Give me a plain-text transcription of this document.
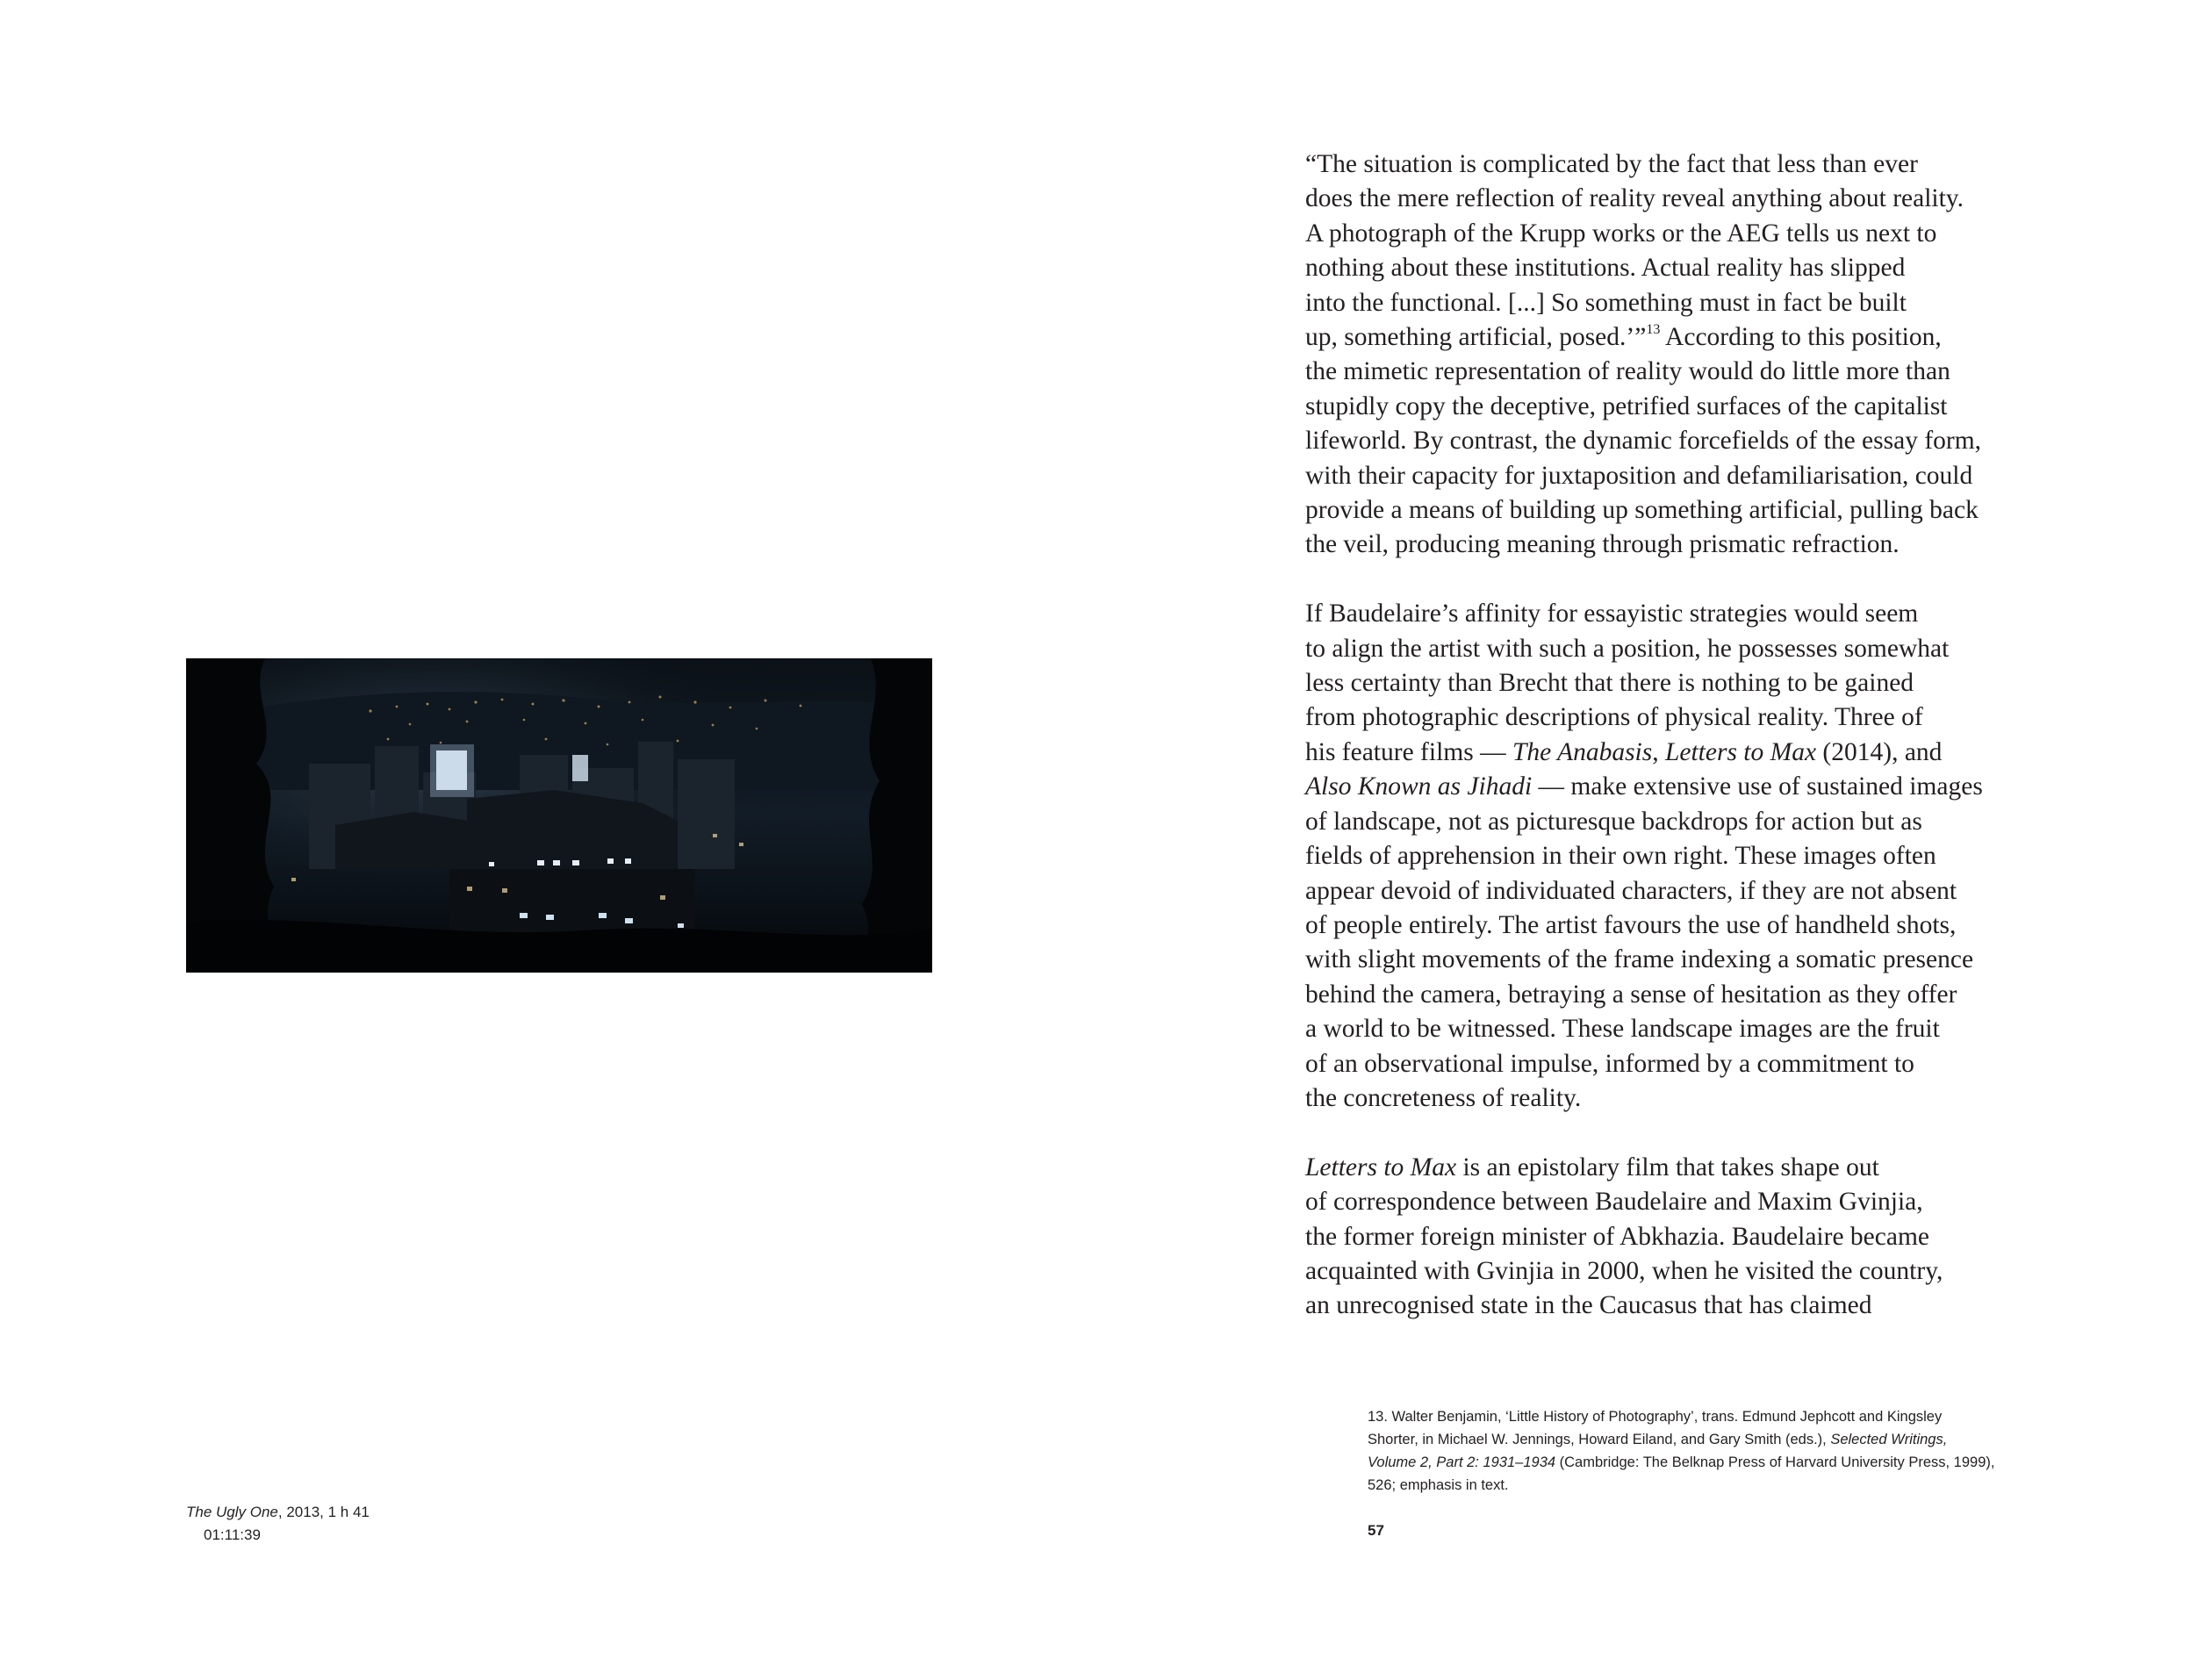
The Ugly One, 2013, 1 h 41
01:11:39
“The situation is complicated by the fact that less than ever
does the mere reflection of reality reveal anything about reality.
A photograph of the Krupp works or the AEG tells us next to
nothing about these institutions. Actual reality has slipped
into the functional. [...] So something must in fact be built
up, something artificial, posed.’”$^{13}$ According to this position,
the mimetic representation of reality would do little more than
stupidly copy the deceptive, petrified surfaces of the capitalist
lifeworld. By contrast, the dynamic forcefields of the essay form,
with their capacity for juxtaposition and defamiliarisation, could
provide a means of building up something artificial, pulling back
the veil, producing meaning through prismatic refraction.
If Baudelaire’s affinity for essayistic strategies would seem
to align the artist with such a position, he possesses somewhat
less certainty than Brecht that there is nothing to be gained
from photographic descriptions of physical reality. Three of
his feature films — The Anabasis, Letters to Max (2014), and
Also Known as Jihadi — make extensive use of sustained images
of landscape, not as picturesque backdrops for action but as
fields of apprehension in their own right. These images often
appear devoid of individuated characters, if they are not absent
of people entirely. The artist favours the use of handheld shots,
with slight movements of the frame indexing a somatic presence
behind the camera, betraying a sense of hesitation as they offer
a world to be witnessed. These landscape images are the fruit
of an observational impulse, informed by a commitment to
the concreteness of reality.
Letters to Max is an epistolary film that takes shape out
of correspondence between Baudelaire and Maxim Gvinjia,
the former foreign minister of Abkhazia. Baudelaire became
acquainted with Gvinjia in 2000, when he visited the country,
an unrecognised state in the Caucasus that has claimed
13. Walter Benjamin, ‘Little History of Photography’, trans. Edmund Jephcott and Kingsley
Shorter, in Michael W. Jennings, Howard Eiland, and Gary Smith (eds.), Selected Writings,
Volume 2, Part 2: 1931–1934 (Cambridge: The Belknap Press of Harvard University Press, 1999),
526; emphasis in text.
57
